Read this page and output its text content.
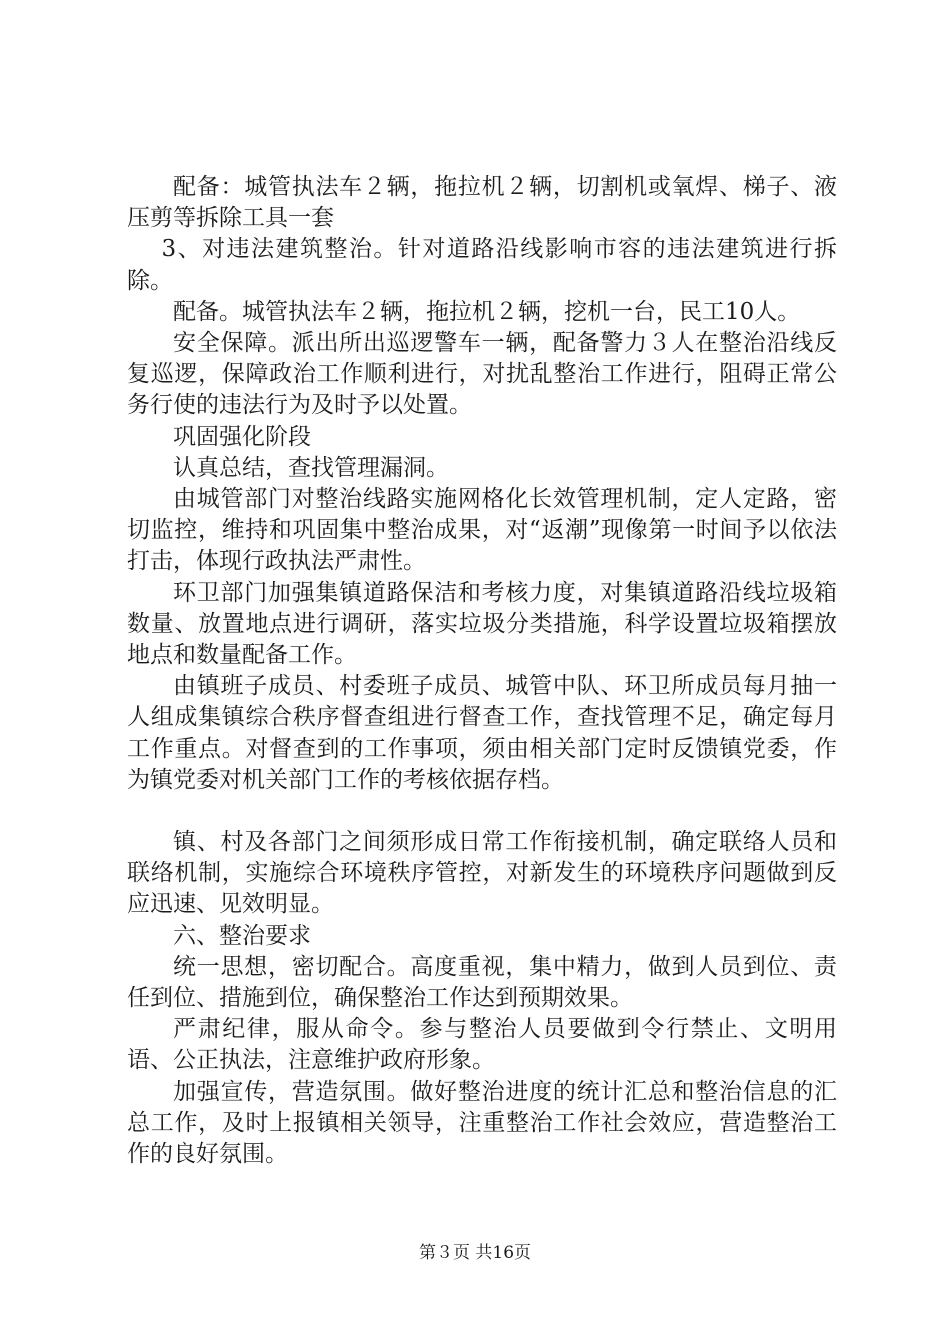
配备：城管执法车２辆，拖拉机２辆，切割机或氧焊、梯子、液压剪等拆除工具一套

3、对违法建筑整治。针对道路沿线影响市容的违法建筑进行拆除。

配备。城管执法车２辆，拖拉机２辆，挖机一台，民工10人。

安全保障。派出所出巡逻警车一辆，配备警力３人在整治沿线反复巡逻，保障政治工作顺利进行，对扰乱整治工作进行，阻碍正常公务行使的违法行为及时予以处置。

巩固强化阶段

认真总结，查找管理漏洞。

由城管部门对整治线路实施网格化长效管理机制，定人定路，密切监控，维持和巩固集中整治成果，对“返潮”现像第一时间予以依法打击，体现行政执法严肃性。

环卫部门加强集镇道路保洁和考核力度，对集镇道路沿线垃圾箱数量、放置地点进行调研，落实垃圾分类措施，科学设置垃圾箱摆放地点和数量配备工作。

由镇班子成员、村委班子成员、城管中队、环卫所成员每月抽一人组成集镇综合秩序督查组进行督查工作，查找管理不足，确定每月工作重点。对督查到的工作事项，须由相关部门定时反馈镇党委，作为镇党委对机关部门工作的考核依据存档。

镇、村及各部门之间须形成日常工作衔接机制，确定联络人员和联络机制，实施综合环境秩序管控，对新发生的环境秩序问题做到反应迅速、见效明显。

六、整治要求

统一思想，密切配合。高度重视，集中精力，做到人员到位、责任到位、措施到位，确保整治工作达到预期效果。

严肃纪律，服从命令。参与整治人员要做到令行禁止、文明用语、公正执法，注意维护政府形象。

加强宣传，营造氛围。做好整治进度的统计汇总和整治信息的汇总工作，及时上报镇相关领导，注重整治工作社会效应，营造整治工作的良好氛围。

第３页 共16页
